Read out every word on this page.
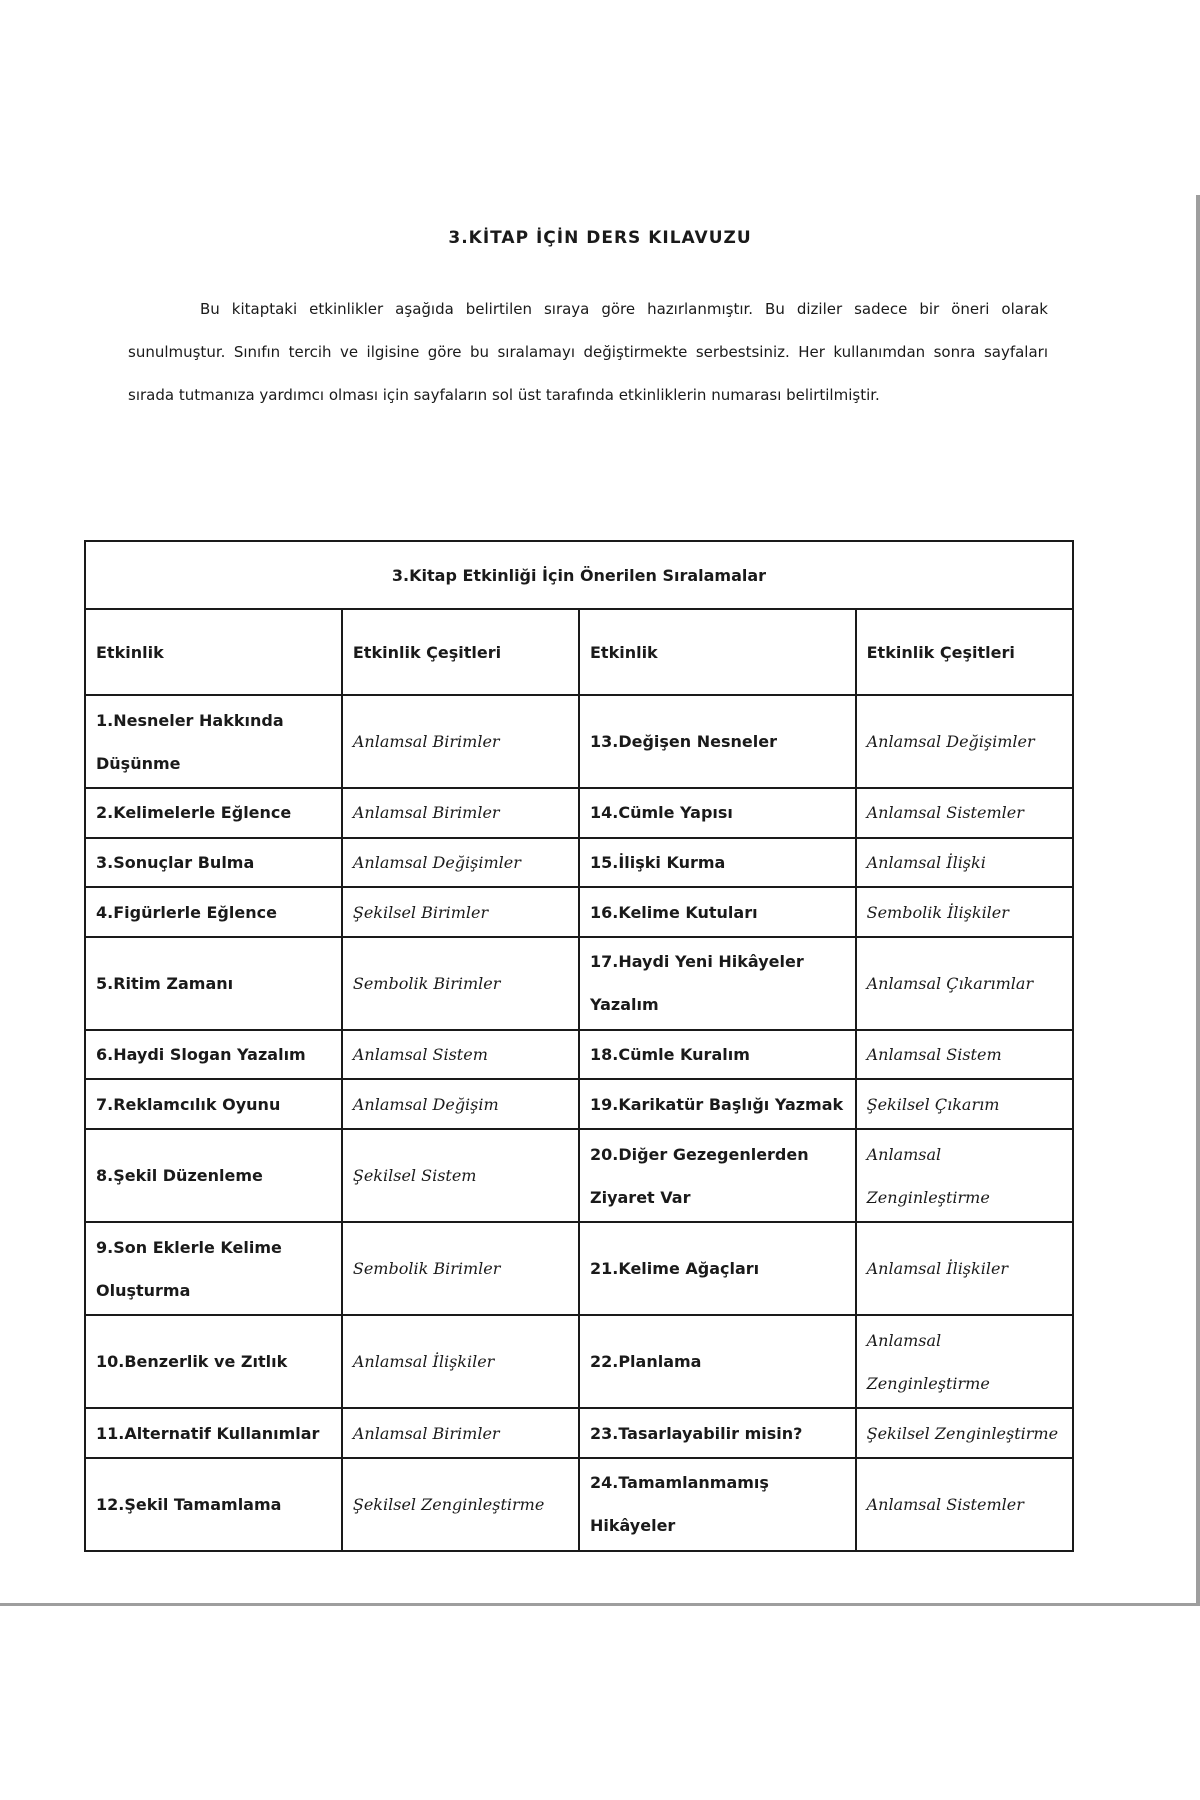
3.KİTAP İÇİN DERS KILAVUZU

Bu kitaptaki etkinlikler aşağıda belirtilen sıraya göre hazırlanmıştır. Bu diziler sadece bir öneri olarak sunulmuştur. Sınıfın tercih ve ilgisine göre bu sıralamayı değiştirmekte serbestsiniz. Her kullanımdan sonra sayfaları sırada tutmanıza yardımcı olması için sayfaların sol üst tarafında etkinliklerin numarası belirtilmiştir.

3.Kitap Etkinliği İçin Önerilen Sıralamalar			
Etkinlik	Etkinlik Çeşitleri	Etkinlik	Etkinlik Çeşitleri
1.Nesneler Hakkında Düşünme	Anlamsal Birimler	13.Değişen Nesneler	Anlamsal Değişimler
2.Kelimelerle Eğlence	Anlamsal Birimler	14.Cümle Yapısı	Anlamsal Sistemler
3.Sonuçlar Bulma	Anlamsal Değişimler	15.İlişki Kurma	Anlamsal İlişki
4.Figürlerle Eğlence	Şekilsel Birimler	16.Kelime Kutuları	Sembolik İlişkiler
5.Ritim Zamanı	Sembolik Birimler	17.Haydi Yeni Hikâyeler Yazalım	Anlamsal Çıkarımlar
6.Haydi Slogan Yazalım	Anlamsal Sistem	18.Cümle Kuralım	Anlamsal Sistem
7.Reklamcılık Oyunu	Anlamsal Değişim	19.Karikatür Başlığı Yazmak	Şekilsel Çıkarım
8.Şekil Düzenleme	Şekilsel Sistem	20.Diğer Gezegenlerden Ziyaret Var	Anlamsal Zenginleştirme
9.Son Eklerle Kelime Oluşturma	Sembolik Birimler	21.Kelime Ağaçları	Anlamsal İlişkiler
10.Benzerlik ve Zıtlık	Anlamsal İlişkiler	22.Planlama	Anlamsal Zenginleştirme
11.Alternatif Kullanımlar	Anlamsal Birimler	23.Tasarlayabilir misin?	Şekilsel Zenginleştirme
12.Şekil Tamamlama	Şekilsel Zenginleştirme	24.Tamamlanmamış Hikâyeler	Anlamsal Sistemler
